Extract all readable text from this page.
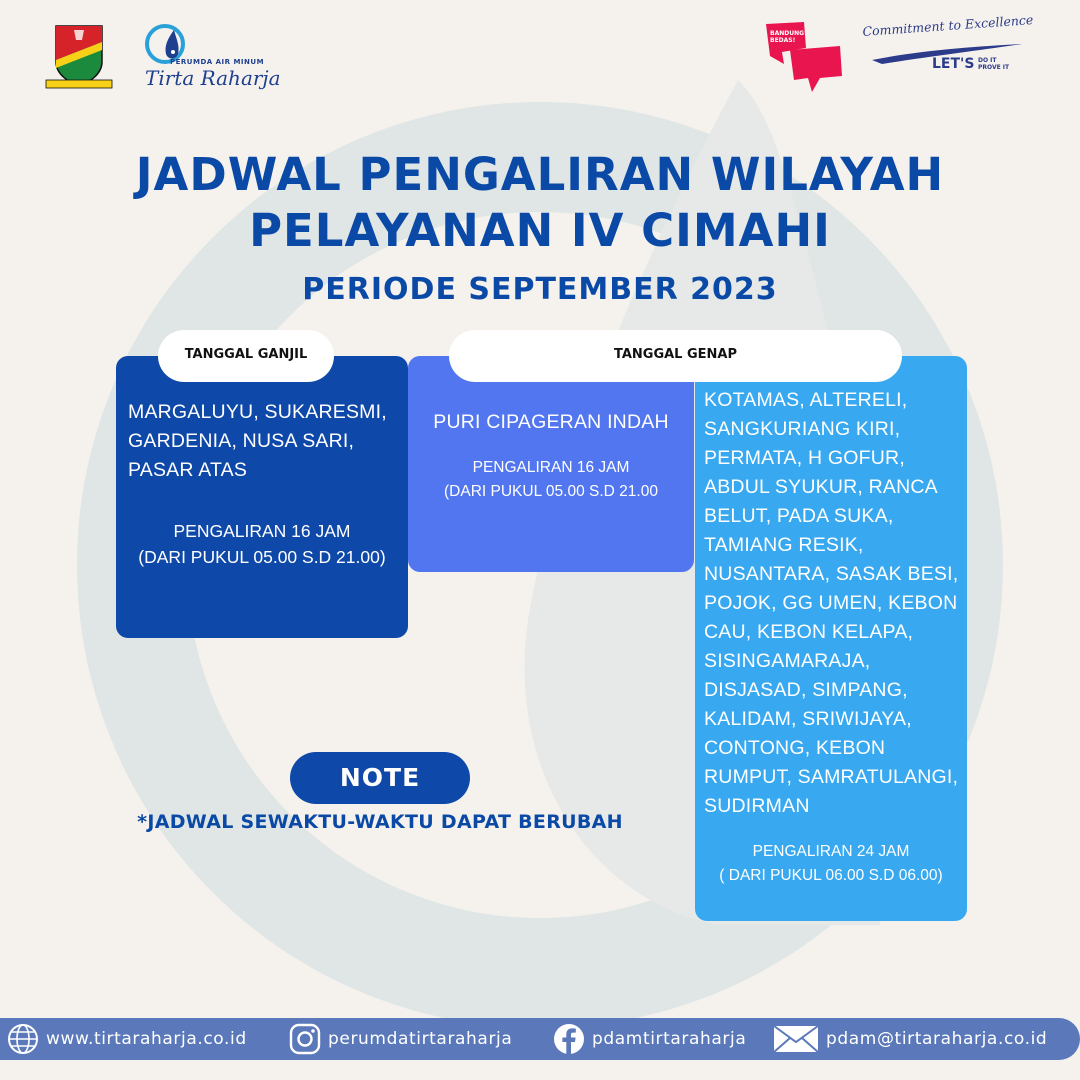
PERUMDA AIR MINUM
Tirta Raharja
BANDUNG BEDAS!
Commitment to Excellence
LET'S DO IT PROVE IT
JADWAL PENGALIRAN WILAYAH
PELAYANAN IV CIMAHI
PERIODE SEPTEMBER 2023
MARGALUYU, SUKARESMI,
GARDENIA, NUSA SARI,
PASAR ATAS
PENGALIRAN 16 JAM
(DARI PUKUL 05.00 S.D 21.00)
PURI CIPAGERAN INDAH
PENGALIRAN 16 JAM
(DARI PUKUL 05.00 S.D 21.00
KOTAMAS, ALTERELI,
SANGKURIANG KIRI,
PERMATA, H GOFUR,
ABDUL SYUKUR, RANCA
BELUT, PADA SUKA,
TAMIANG RESIK,
NUSANTARA, SASAK BESI,
POJOK, GG UMEN, KEBON
CAU, KEBON KELAPA,
SISINGAMARAJA,
DISJASAD, SIMPANG,
KALIDAM, SRIWIJAYA,
CONTONG, KEBON
RUMPUT, SAMRATULANGI,
SUDIRMAN
PENGALIRAN 24 JAM
( DARI PUKUL 06.00 S.D 06.00)
TANGGAL GANJIL	TANGGAL GENAP
NOTE
*JADWAL SEWAKTU-WAKTU DAPAT BERUBAH
www.tirtaraharja.co.id	perumdatirtaraharja	pdamtirtaraharja	pdam@tirtaraharja.co.id
